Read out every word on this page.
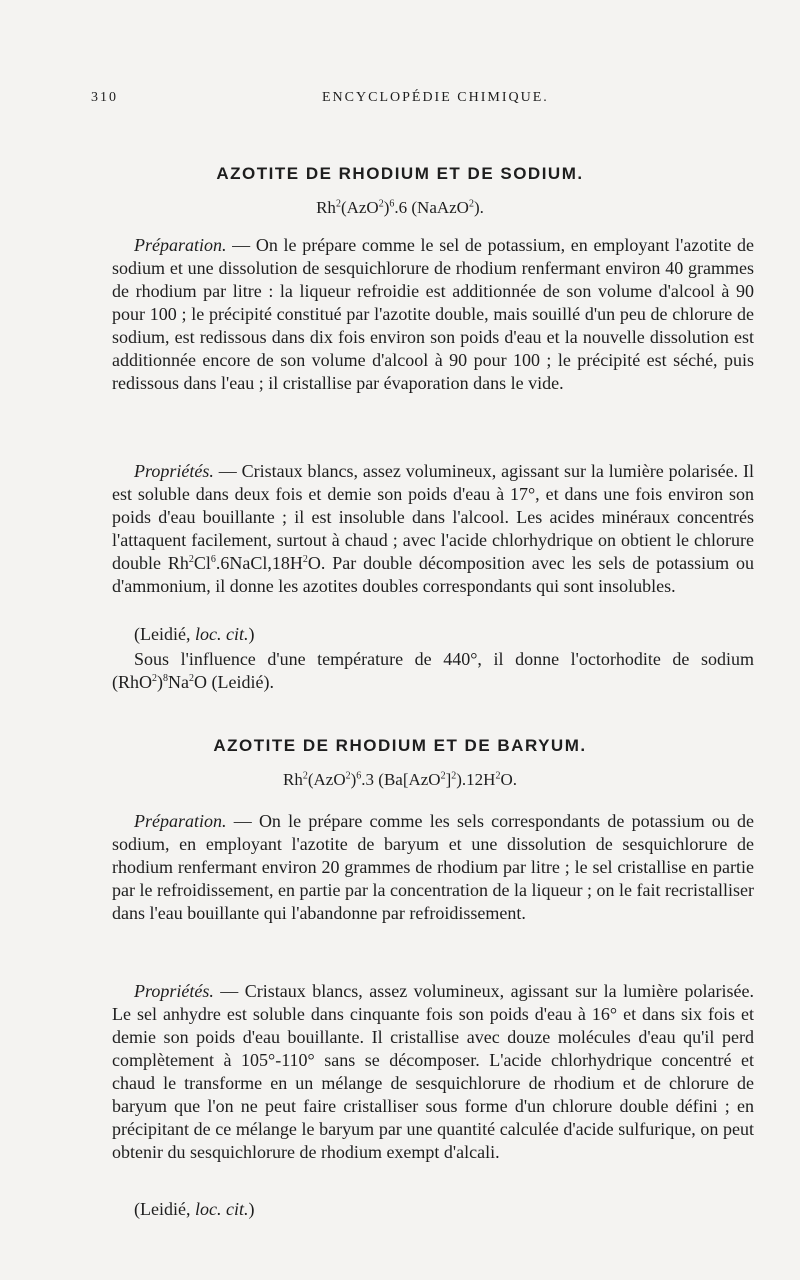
310	ENCYCLOPÉDIE CHIMIQUE.
AZOTITE DE RHODIUM ET DE SODIUM.
$Rh^2(AzO^2)^6.6$ (NaAzO$^2$).

Préparation. — On le prépare comme le sel de potassium, en employant l'azotite de sodium et une dissolution de sesquichlorure de rhodium renfermant environ 40 grammes de rhodium par litre : la liqueur refroidie est additionnée de son volume d'alcool à 90 pour 100 ; le précipité constitué par l'azotite double, mais souillé d'un peu de chlorure de sodium, est redissous dans dix fois environ son poids d'eau et la nouvelle dissolution est additionnée encore de son volume d'alcool à 90 pour 100 ; le précipité est séché, puis redissous dans l'eau ; il cristallise par évaporation dans le vide.

Propriétés. — Cristaux blancs, assez volumineux, agissant sur la lumière polarisée. Il est soluble dans deux fois et demie son poids d'eau à 17°, et dans une fois environ son poids d'eau bouillante ; il est insoluble dans l'alcool. Les acides minéraux concentrés l'attaquent facilement, surtout à chaud ; avec l'acide chlorhydrique on obtient le chlorure double $Rh^2Cl^6.6NaCl,18H^2O$. Par double décomposition avec les sels de potassium ou d'ammonium, il donne les azotites doubles correspondants qui sont insolubles.

(Leidié, loc. cit.)

Sous l'influence d'une température de 440°, il donne l'octorhodite de sodium $(RhO^2)^8Na^2O$ (Leidié).

AZOTITE DE RHODIUM ET DE BARYUM.
$Rh^2(AzO^2)^6.3$ $(Ba[AzO^2]^2).12H^2O$.

Préparation. — On le prépare comme les sels correspondants de potassium ou de sodium, en employant l'azotite de baryum et une dissolution de sesquichlorure de rhodium renfermant environ 20 grammes de rhodium par litre ; le sel cristallise en partie par le refroidissement, en partie par la concentration de la liqueur ; on le fait recristalliser dans l'eau bouillante qui l'abandonne par refroidissement.

Propriétés. — Cristaux blancs, assez volumineux, agissant sur la lumière polarisée. Le sel anhydre est soluble dans cinquante fois son poids d'eau à 16° et dans six fois et demie son poids d'eau bouillante. Il cristallise avec douze molécules d'eau qu'il perd complètement à 105°-110° sans se décomposer. L'acide chlorhydrique concentré et chaud le transforme en un mélange de sesquichlorure de rhodium et de chlorure de baryum que l'on ne peut faire cristalliser sous forme d'un chlorure double défini ; en précipitant de ce mélange le baryum par une quantité calculée d'acide sulfurique, on peut obtenir du sesquichlorure de rhodium exempt d'alcali.

(Leidié, loc. cit.)
